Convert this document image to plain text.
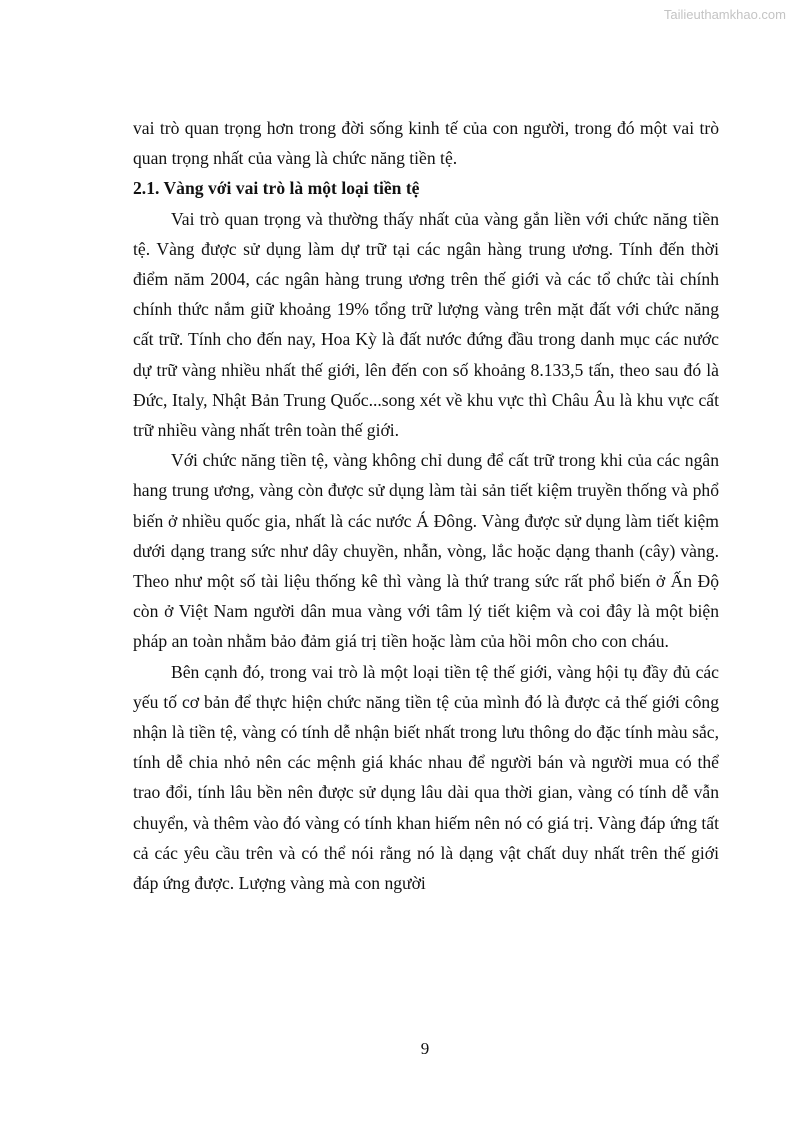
Tailieuthamkhao.com

vai trò quan trọng hơn trong đời sống kinh tế của con người, trong đó một vai trò quan trọng nhất của vàng là chức năng tiền tệ.

2.1. Vàng với vai trò là một loại tiền tệ

Vai trò quan trọng và thường thấy nhất của vàng gắn liền với chức năng tiền tệ. Vàng được sử dụng làm dự trữ tại các ngân hàng trung ương. Tính đến thời điểm năm 2004, các ngân hàng trung ương trên thế giới và các tổ chức tài chính chính thức nắm giữ khoảng 19% tổng trữ lượng vàng trên mặt đất với chức năng cất trữ. Tính cho đến nay, Hoa Kỳ là đất nước đứng đầu trong danh mục các nước dự trữ vàng nhiều nhất thế giới, lên đến con số khoảng 8.133,5 tấn, theo sau đó là Đức, Italy, Nhật Bản Trung Quốc...song xét về khu vực thì Châu Âu là khu vực cất trữ nhiều vàng nhất trên toàn thế giới.

Với chức năng tiền tệ, vàng không chỉ dung để cất trữ trong khi của các ngân hang trung ương, vàng còn được sử dụng làm tài sản tiết kiệm truyền thống và phổ biến ở nhiều quốc gia, nhất là các nước Á Đông. Vàng được sử dụng làm tiết kiệm dưới dạng trang sức như dây chuyền, nhẫn, vòng, lắc hoặc dạng thanh (cây) vàng. Theo như một số tài liệu thống kê thì vàng là thứ trang sức rất phổ biến ở Ấn Độ còn ở Việt Nam người dân mua vàng với tâm lý tiết kiệm và coi đây là một biện pháp an toàn nhằm bảo đảm giá trị tiền hoặc làm của hồi môn cho con cháu.

Bên cạnh đó, trong vai trò là một loại tiền tệ thế giới, vàng hội tụ đầy đủ các yếu tố cơ bản để thực hiện chức năng tiền tệ của mình đó là được cả thế giới công nhận là tiền tệ, vàng có tính dễ nhận biết nhất trong lưu thông do đặc tính màu sắc, tính dễ chia nhỏ nên các mệnh giá khác nhau để người bán và người mua có thể trao đổi, tính lâu bền nên được sử dụng lâu dài qua thời gian, vàng có tính dễ vẫn chuyển, và thêm vào đó vàng có tính khan hiếm nên nó có giá trị. Vàng đáp ứng tất cả các yêu cầu trên và có thể nói rằng nó là dạng vật chất duy nhất trên thế giới đáp ứng được. Lượng vàng mà con người

9
